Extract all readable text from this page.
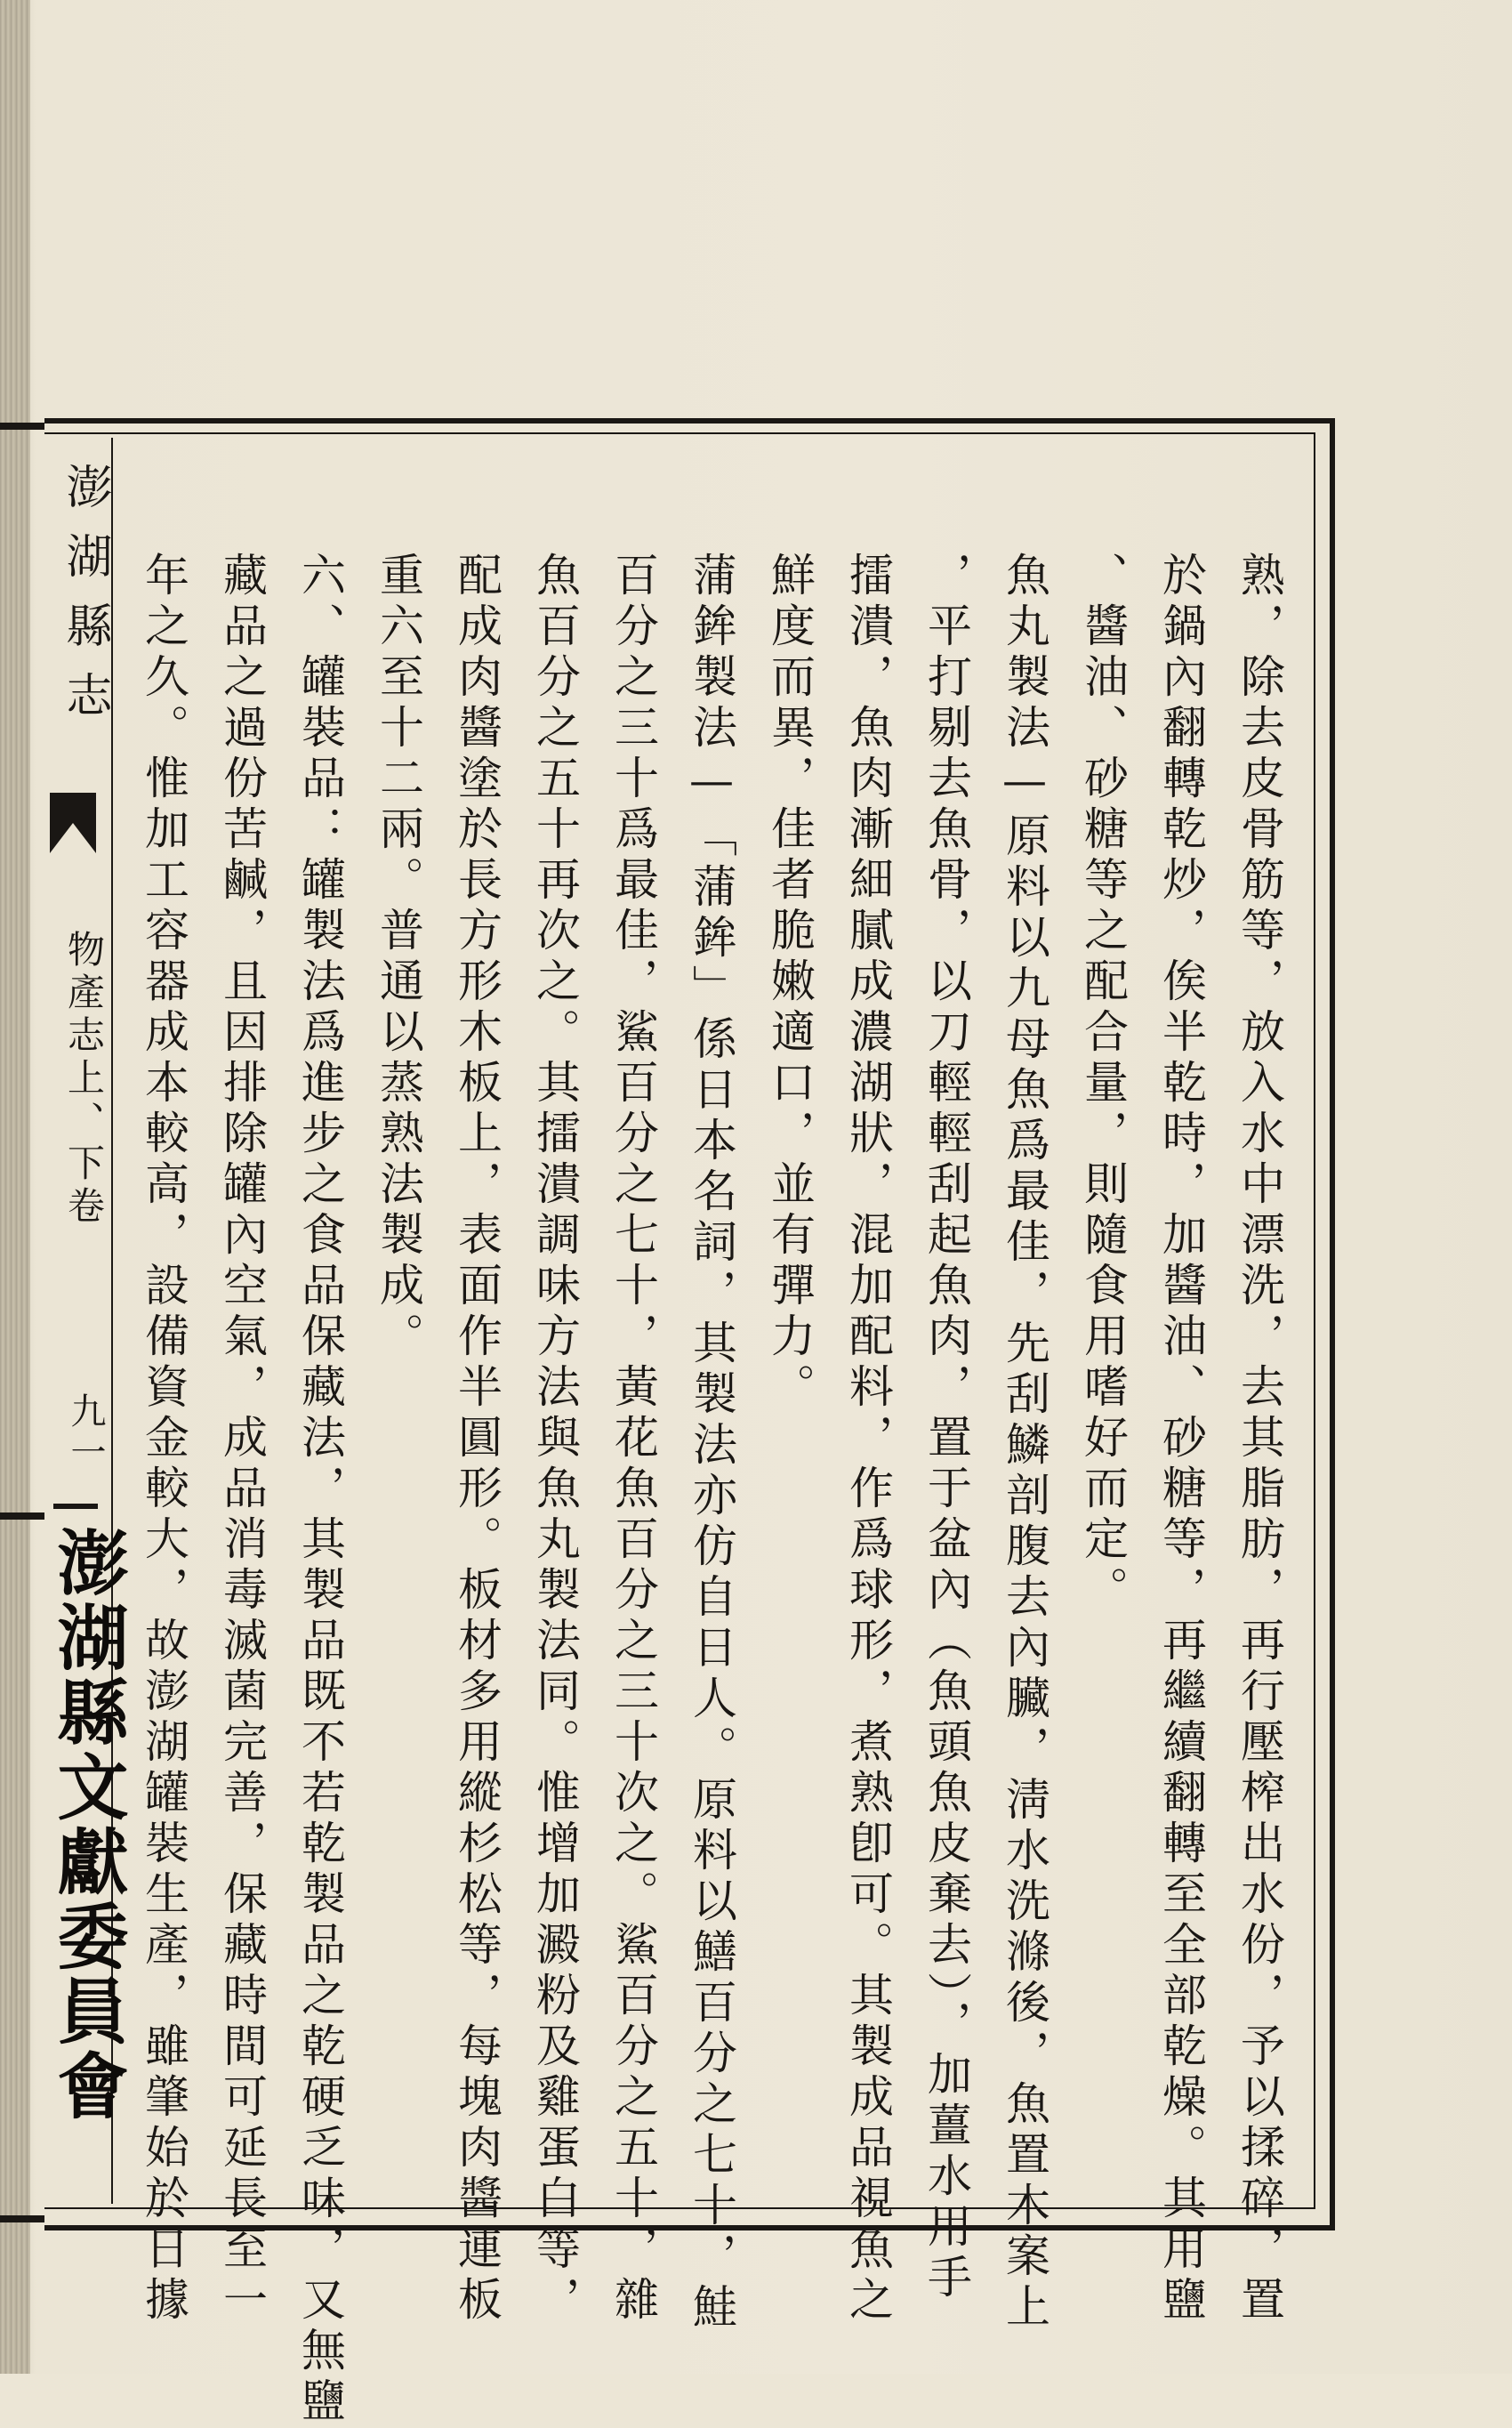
澎湖縣志
物產志上、下卷
九一
澎湖縣文獻委員會	熟，除去皮骨筋等，放入水中漂洗，去其脂肪，再行壓榨出水份，予以揉碎，置
於鍋內翻轉乾炒，俟半乾時，加醬油、砂糖等，再繼續翻轉至全部乾燥。其用鹽
、醬油、砂糖等之配合量，則隨食用嗜好而定。
魚丸製法—原料以九母魚爲最佳，先刮鱗剖腹去內臟，淸水洗滌後，魚置木案上
，平打剔去魚骨，以刀輕輕刮起魚肉，置于盆內（魚頭魚皮棄去），加薑水用手
擂潰，魚肉漸細膩成濃湖狀，混加配料，作爲球形，煮熟卽可。其製成品視魚之
鮮度而異，佳者脆嫩適口，並有彈力。
蒲鉾製法—「蒲鉾」係日本名詞，其製法亦仿自日人。原料以鱔百分之七十，鮭
百分之三十爲最佳，鯊百分之七十，黃花魚百分之三十次之。鯊百分之五十，雜
魚百分之五十再次之。其擂潰調味方法與魚丸製法同。惟增加澱粉及雞蛋白等，
配成肉醬塗於長方形木板上，表面作半圓形。板材多用縱杉松等，每塊肉醬連板
重六至十二兩。普通以蒸熟法製成。
六、罐裝品：罐製法爲進步之食品保藏法，其製品既不若乾製品之乾硬乏味，又無鹽
藏品之過份苦鹹，且因排除罐內空氣，成品消毒滅菌完善，保藏時間可延長至一
年之久。惟加工容器成本較高，設備資金較大，故澎湖罐裝生產，雖肇始於日據
